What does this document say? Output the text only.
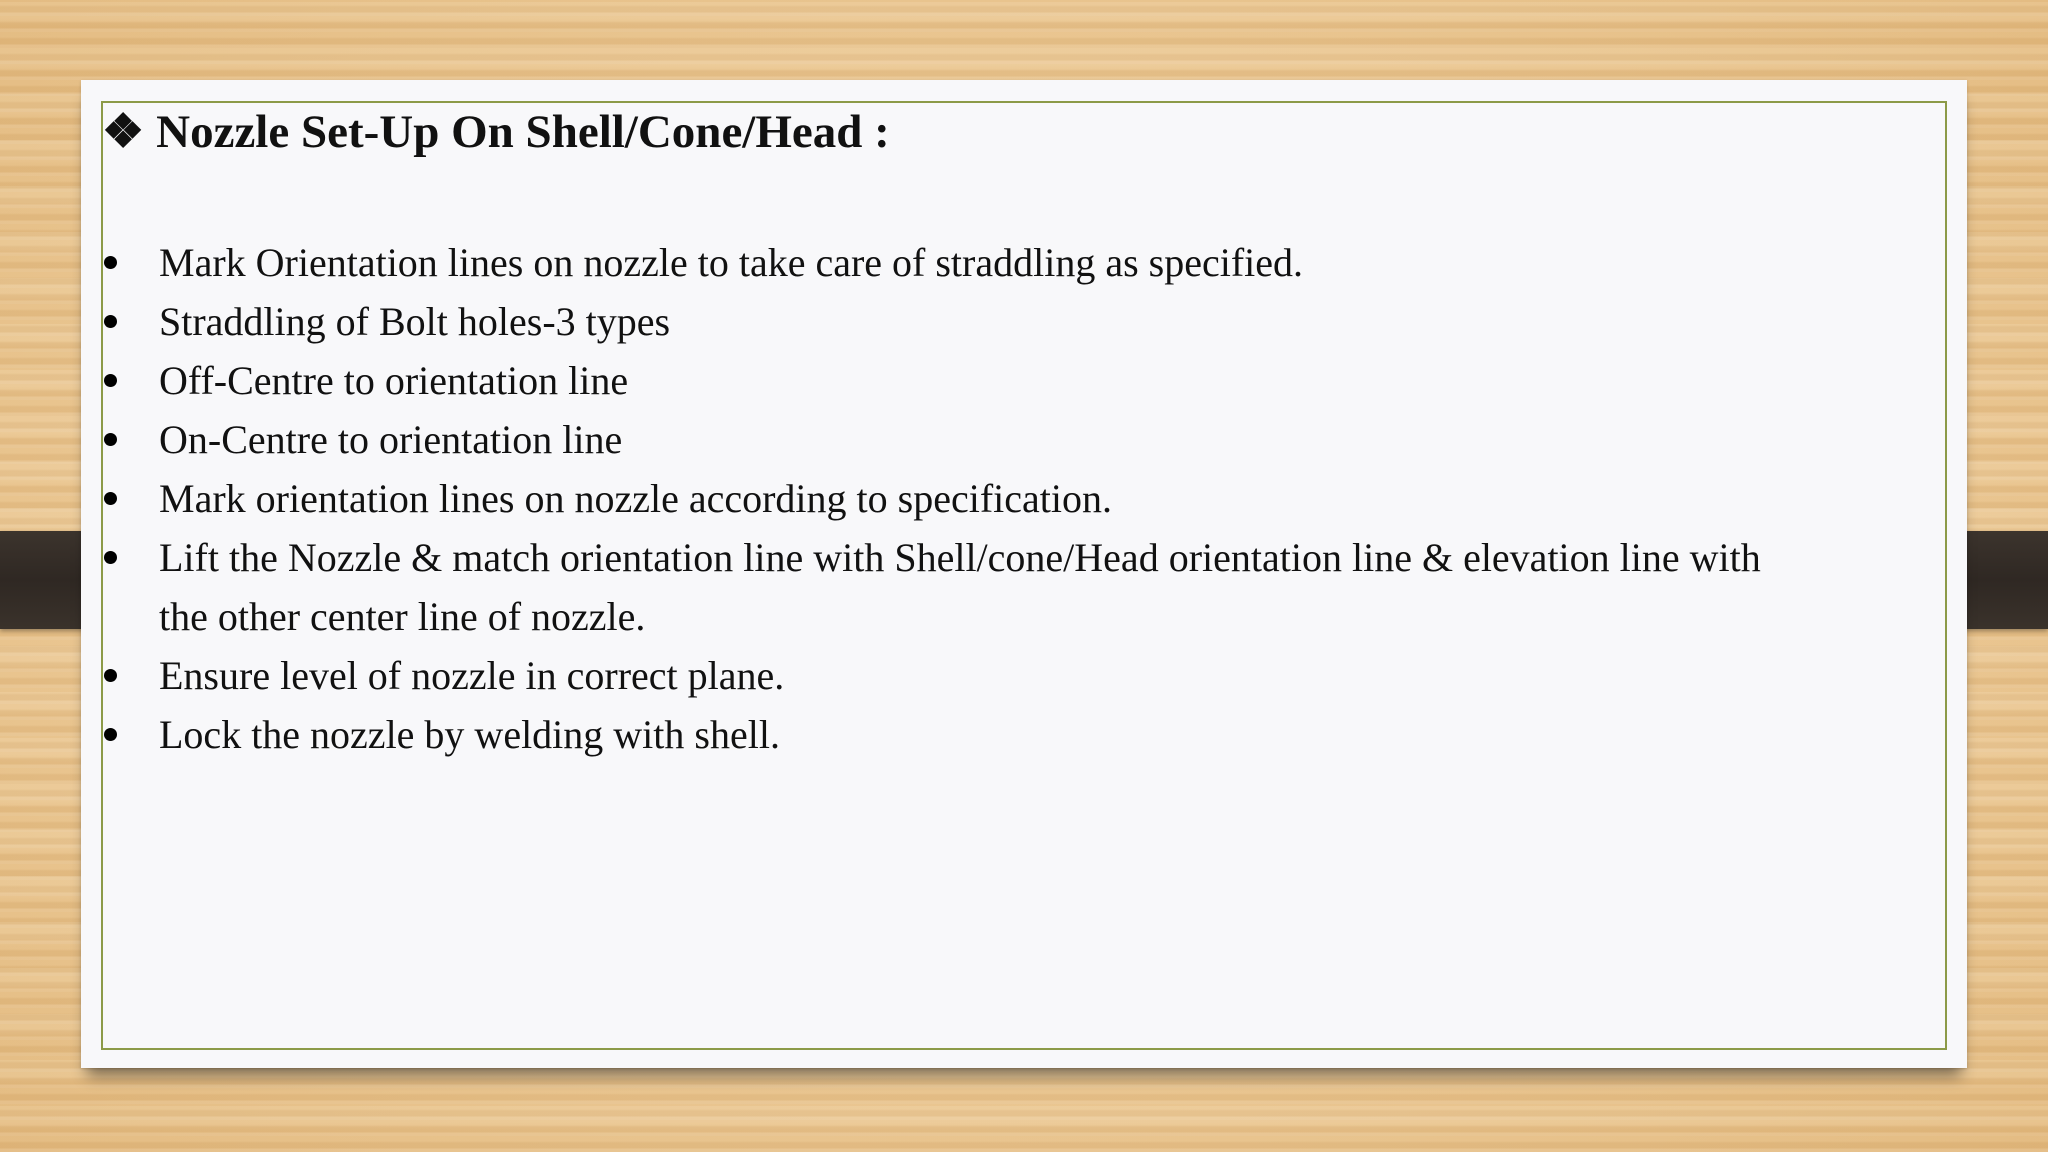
❖ Nozzle Set-Up On Shell/Cone/Head :
Mark Orientation lines on nozzle to take care of straddling as specified.
Straddling of Bolt holes-3 types
Off-Centre to orientation line
On-Centre to orientation line
Mark orientation lines on nozzle according to specification.
Lift the Nozzle & match orientation line with Shell/cone/Head orientation line & elevation line with the other center line of nozzle.
Ensure level of nozzle in correct plane.
Lock the nozzle by welding with shell.
